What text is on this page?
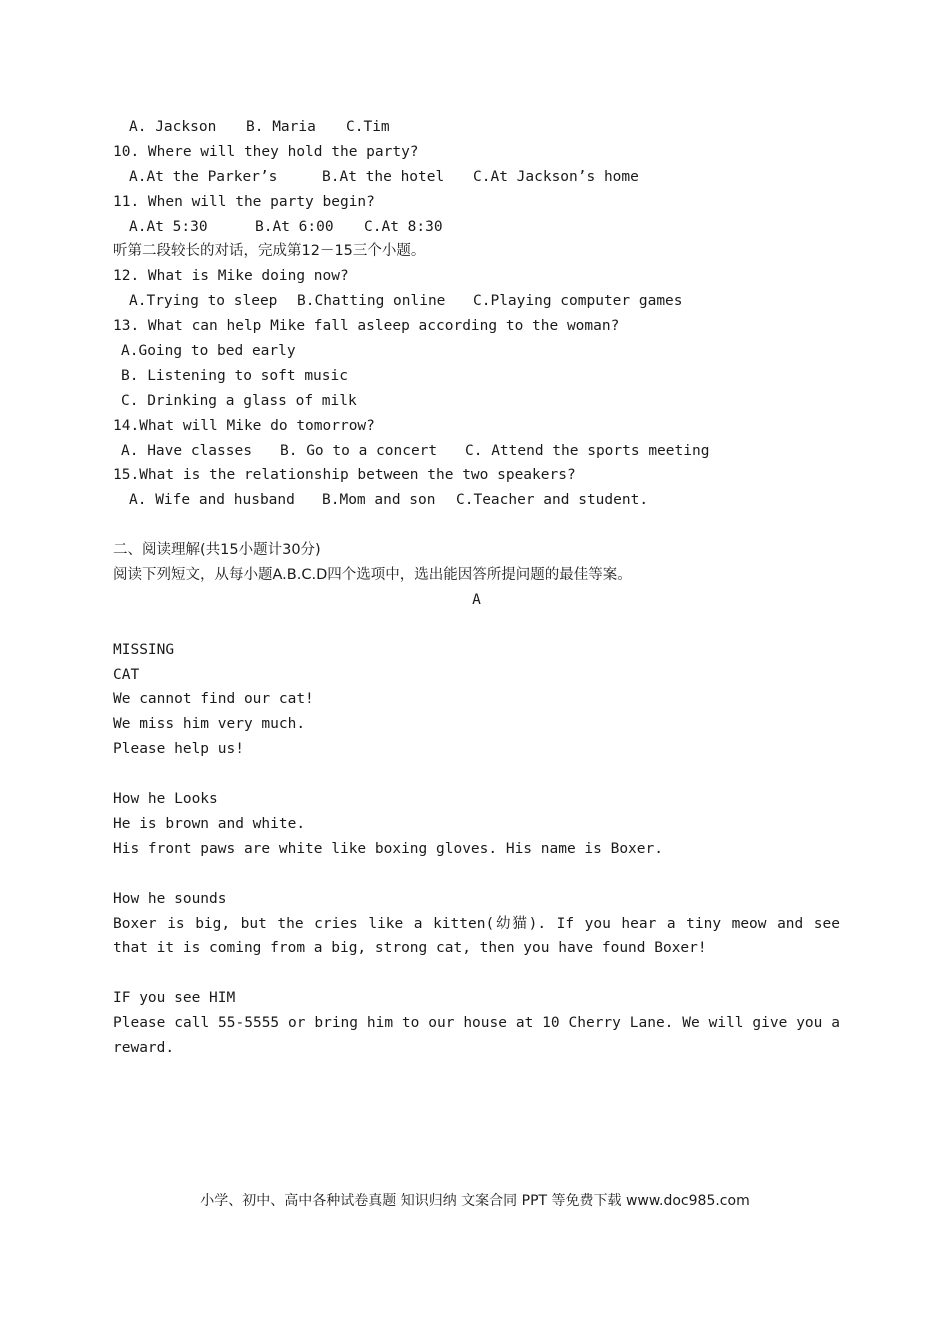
A. Jackson B. Maria C.Tim
10. Where will they hold the party?
A.At the Parker’s	B.At the hotel C.At Jackson’s home
11. When will the party begin?
A.At 5:30	B.At 6:00 C.At 8:30
听第二段较长的对话，完成第12－15三个小题。
12. What is Mike doing now?
A.Trying to sleep B.Chatting online C.Playing computer games
13. What can help Mike fall asleep according to the woman?
A.Going to bed early
B. Listening to soft music
C. Drinking a glass of milk
14.What will Mike do tomorrow?
A. Have classes B. Go to a concert C. Attend the sports meeting
15.What is the relationship between the two speakers?
A. Wife and husband B.Mom and son C.Teacher and student.
二、阅读理解(共15小题计30分)
阅读下列短文，从每小题A.B.C.D四个选项中，选出能因答所提问题的最佳等案。
A
MISSING
CAT
We cannot find our cat!
We miss him very much.
Please help us!
How he Looks
He is brown and white.
His front paws are white like boxing gloves. His name is Boxer.
How he sounds
Boxer is big, but the cries like a kitten(幼猫). If you hear a tiny meow and see that it is coming from a big, strong cat, then you have found Boxer!
IF you see HIM
Please call 55-5555 or bring him to our house at 10 Cherry Lane. We will give you a reward.
小学、初中、高中各种试卷真题 知识归纳 文案合同 PPT 等免费下载 www.doc985.com
